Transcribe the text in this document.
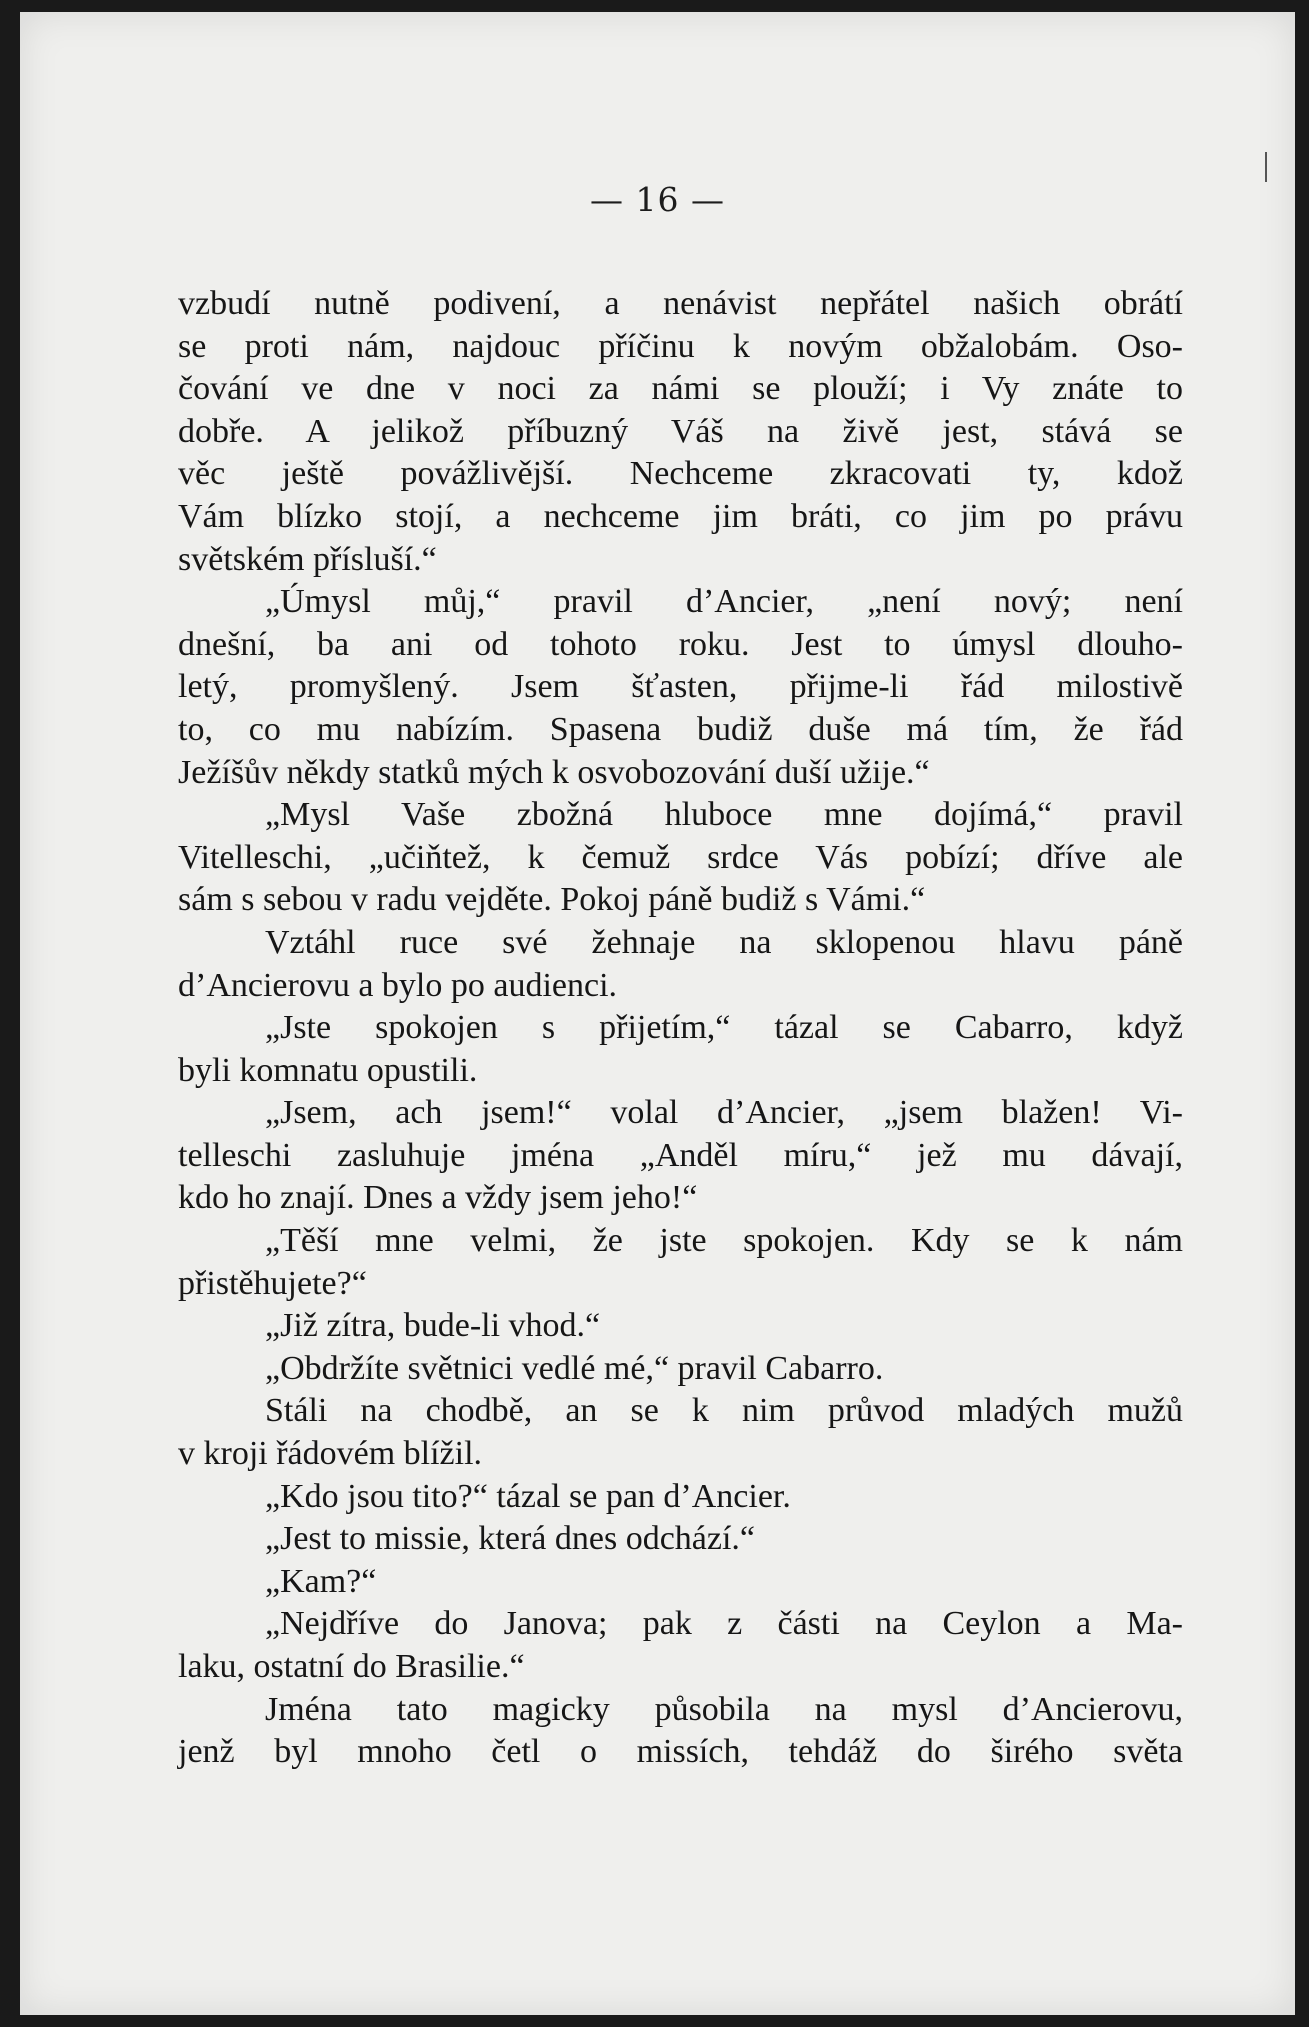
— 16 —
vzbudí nutně podivení, a nenávist nepřátel našich obrátí
se proti nám, najdouc příčinu k novým obžalobám. Oso-
čování ve dne v noci za námi se plouží; i Vy znáte to
dobře. A jelikož příbuzný Váš na živě jest, stává se
věc ještě povážlivější. Nechceme zkracovati ty, kdož
Vám blízko stojí, a nechceme jim bráti, co jim po právu
světském přísluší.“
„Úmysl můj,“ pravil d’Ancier, „není nový; není
dnešní, ba ani od tohoto roku. Jest to úmysl dlouho-
letý, promyšlený. Jsem šťasten, přijme-li řád milostivě
to, co mu nabízím. Spasena budiž duše má tím, že řád
Ježíšův někdy statků mých k osvobozování duší užije.“
„Mysl Vaše zbožná hluboce mne dojímá,“ pravil
Vitelleschi, „učiňtež, k čemuž srdce Vás pobízí; dříve ale
sám s sebou v radu vejděte. Pokoj páně budiž s Vámi.“
Vztáhl ruce své žehnaje na sklopenou hlavu páně
d’Ancierovu a bylo po audienci.
„Jste spokojen s přijetím,“ tázal se Cabarro, když
byli komnatu opustili.
„Jsem, ach jsem!“ volal d’Ancier, „jsem blažen! Vi-
telleschi zasluhuje jména „Anděl míru,“ jež mu dávají,
kdo ho znají. Dnes a vždy jsem jeho!“
„Těší mne velmi, že jste spokojen. Kdy se k nám
přistěhujete?“
„Již zítra, bude-li vhod.“
„Obdržíte světnici vedlé mé,“ pravil Cabarro.
Stáli na chodbě, an se k nim průvod mladých mužů
v kroji řádovém blížil.
„Kdo jsou tito?“ tázal se pan d’Ancier.
„Jest to missie, která dnes odchází.“
„Kam?“
„Nejdříve do Janova; pak z části na Ceylon a Ma-
laku, ostatní do Brasilie.“
Jména tato magicky působila na mysl d’Ancierovu,
jenž byl mnoho četl o missích, tehdáž do širého světa
